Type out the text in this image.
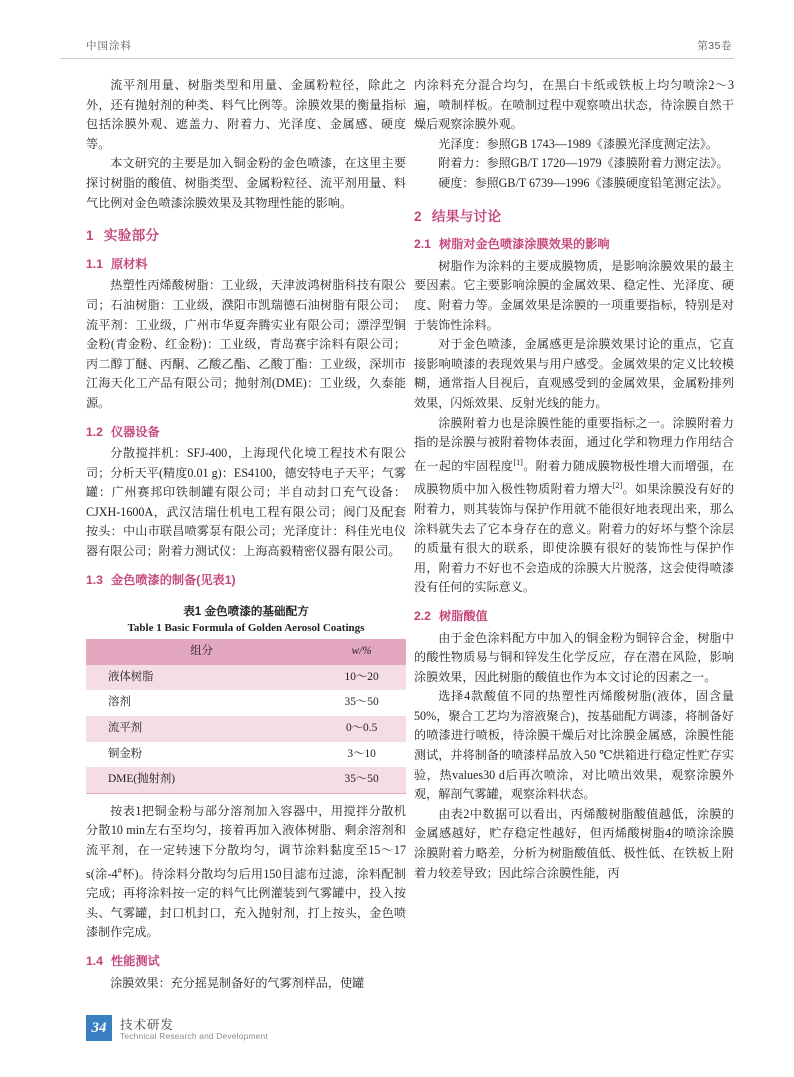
中国涂料	第35卷

流平剂用量、树脂类型和用量、金属粉粒径，除此之外，还有抛射剂的种类、料气比例等。涂膜效果的衡量指标包括涂膜外观、遮盖力、附着力、光泽度、金属感、硬度等。

本文研究的主要是加入铜金粉的金色喷漆，在这里主要探讨树脂的酸值、树脂类型、金属粉粒径、流平剂用量、料气比例对金色喷漆涂膜效果及其物理性能的影响。

1 实验部分
1.1 原材料

热塑性丙烯酸树脂：工业级，天津波鸿树脂科技有限公司；石油树脂：工业级，濮阳市凯瑞德石油树脂有限公司；流平剂：工业级，广州市华夏奔腾实业有限公司；漂浮型铜金粉(青金粉、红金粉)：工业级，青岛赛宇涂料有限公司；丙二醇丁醚、丙酮、乙酸乙酯、乙酸丁酯：工业级，深圳市江海天化工产品有限公司；抛射剂(DME)：工业级，久泰能源。

1.2 仪器设备

分散搅拌机：SFJ-400，上海现代化境工程技术有限公司；分析天平(精度0.01 g)：ES4100，德安特电子天平；气雾罐：广州赛邦印铁制罐有限公司；半自动封口充气设备：CJXH-1600A，武汉洁瑞仕机电工程有限公司；阀门及配套按头：中山市联昌喷雾泵有限公司；光泽度计：科佳光电仪器有限公司；附着力测试仪：上海高毅精密仪器有限公司。

1.3 金色喷漆的制备(见表1)
表1 金色喷漆的基础配方
Table 1 Basic Formula of Golden Aerosol Coatings
组分	w/%
液体树脂	10～20
溶剂	35～50
流平剂	0～0.5
铜金粉	3～10
DME(抛射剂)	35～50

按表1把铜金粉与部分溶剂加入容器中，用搅拌分散机分散10 min左右至均匀，接着再加入液体树脂、剩余溶剂和流平剂，在一定转速下分散均匀，调节涂料黏度至15～17 s(涂-4#杯)。待涂料分散均匀后用150目滤布过滤，涂料配制完成；再将涂料按一定的料气比例灌装到气雾罐中，投入按头、气雾罐，封口机封口，充入抛射剂，打上按头，金色喷漆制作完成。

1.4 性能测试

涂膜效果：充分摇晃制备好的气雾剂样品，使罐

内涂料充分混合均匀，在黑白卡纸或铁板上均匀喷涂2～3遍，喷制样板。在喷制过程中观察喷出状态，待涂膜自然干燥后观察涂膜外观。

光泽度：参照GB 1743—1989《漆膜光泽度测定法》。

附着力：参照GB/T 1720—1979《漆膜附着力测定法》。

硬度：参照GB/T 6739—1996《漆膜硬度铅笔测定法》。

2 结果与讨论
2.1 树脂对金色喷漆涂膜效果的影响

树脂作为涂料的主要成膜物质，是影响涂膜效果的最主要因素。它主要影响涂膜的金属效果、稳定性、光泽度、硬度、附着力等。金属效果是涂膜的一项重要指标，特别是对于装饰性涂料。

对于金色喷漆，金属感更是涂膜效果讨论的重点，它直接影响喷漆的表现效果与用户感受。金属效果的定义比较模糊，通常指人目视后，直观感受到的金属效果，金属粉排列效果，闪烁效果、反射光线的能力。

涂膜附着力也是涂膜性能的重要指标之一。涂膜附着力指的是涂膜与被附着物体表面，通过化学和物理力作用结合在一起的牢固程度[1]。附着力随成膜物极性增大而增强，在成膜物质中加入极性物质附着力增大[2]。如果涂膜没有好的附着力，则其装饰与保护作用就不能很好地表现出来，那么涂料就失去了它本身存在的意义。附着力的好坏与整个涂层的质量有很大的联系，即使涂膜有很好的装饰性与保护作用，附着力不好也不会造成的涂膜大片脱落，这会使得喷漆没有任何的实际意义。

2.2 树脂酸值

由于金色涂料配方中加入的铜金粉为铜锌合金，树脂中的酸性物质易与铜和锌发生化学反应，存在潜在风险，影响涂膜效果，因此树脂的酸值也作为本文讨论的因素之一。

选择4款酸值不同的热塑性丙烯酸树脂(液体，固含量50%，聚合工艺均为溶液聚合)，按基础配方调漆，将制备好的喷漆进行喷板，待涂膜干燥后对比涂膜金属感，涂膜性能测试，并将制备的喷漆样品放入50 ℃烘箱进行稳定性贮存实验，热values30 d后再次喷涂，对比喷出效果，观察涂膜外观，解剖气雾罐，观察涂料状态。

由表2中数据可以看出，丙烯酸树脂酸值越低，涂膜的金属感越好，贮存稳定性越好，但丙烯酸树脂4的喷涂涂膜涂膜附着力略差，分析为树脂酸值低、极性低、在铁板上附着力较差导致；因此综合涂膜性能，丙

34	技术研发
Technical Research and Development
